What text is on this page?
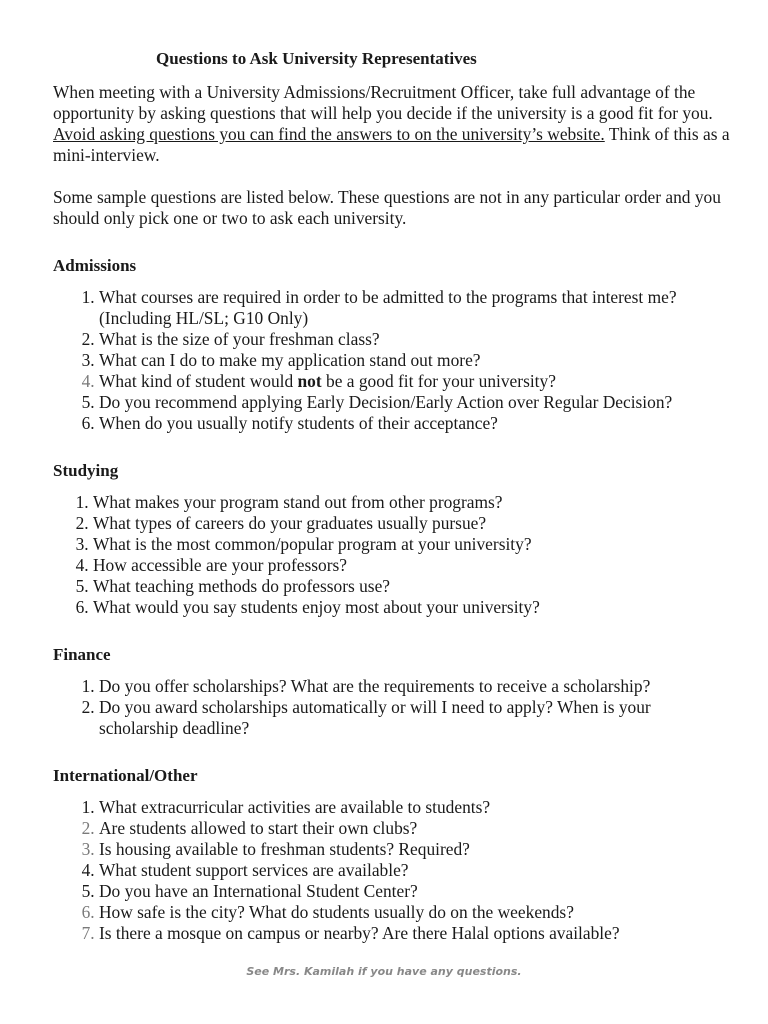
Questions to Ask University Representatives

When meeting with a University Admissions/Recruitment Officer, take full advantage of the opportunity by asking questions that will help you decide if the university is a good fit for you. Avoid asking questions you can find the answers to on the university’s website. Think of this as a mini-interview.

Some sample questions are listed below. These questions are not in any particular order and you should only pick one or two to ask each university.

Admissions
1. What courses are required in order to be admitted to the programs that interest me? (Including HL/SL; G10 Only)
2. What is the size of your freshman class?
3. What can I do to make my application stand out more?
4. What kind of student would not be a good fit for your university?
5. Do you recommend applying Early Decision/Early Action over Regular Decision?
6. When do you usually notify students of their acceptance?
Studying
1. What makes your program stand out from other programs?
2. What types of careers do your graduates usually pursue?
3. What is the most common/popular program at your university?
4. How accessible are your professors?
5. What teaching methods do professors use?
6. What would you say students enjoy most about your university?
Finance
1. Do you offer scholarships? What are the requirements to receive a scholarship?
2. Do you award scholarships automatically or will I need to apply? When is your scholarship deadline?
International/Other
1. What extracurricular activities are available to students?
2. Are students allowed to start their own clubs?
3. Is housing available to freshman students? Required?
4. What student support services are available?
5. Do you have an International Student Center?
6. How safe is the city? What do students usually do on the weekends?
7. Is there a mosque on campus or nearby? Are there Halal options available?
See Mrs. Kamilah if you have any questions.
